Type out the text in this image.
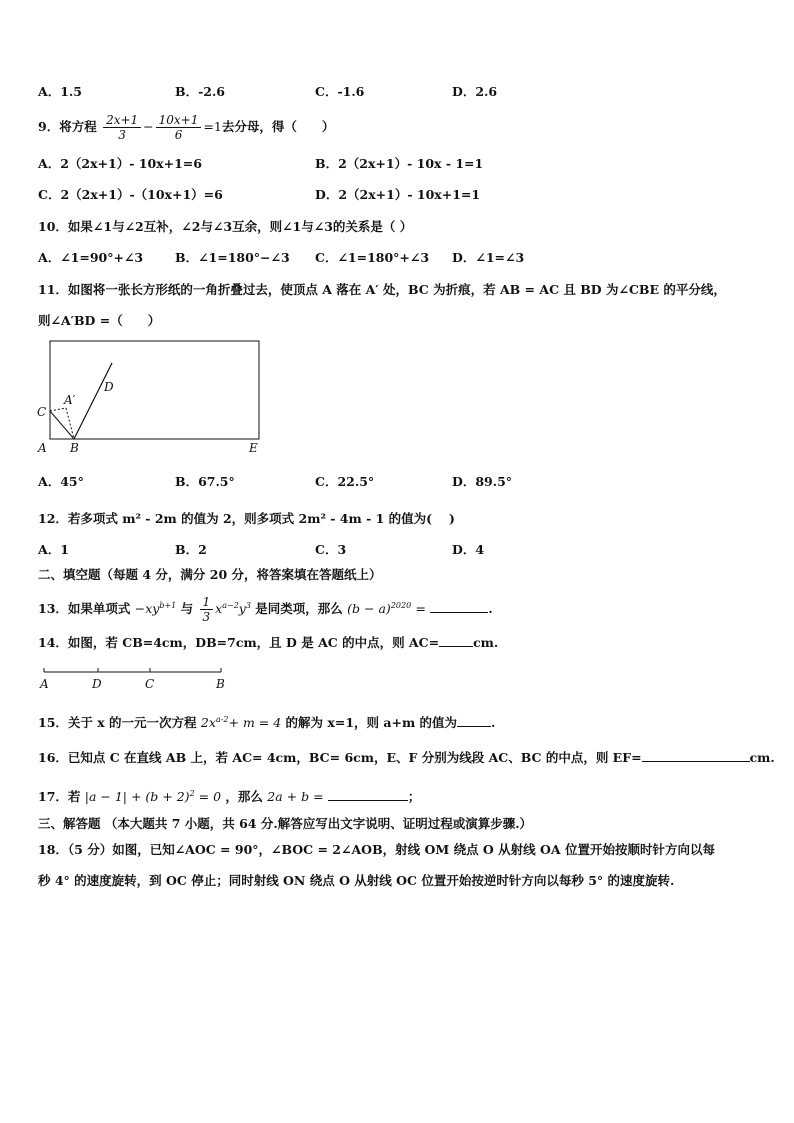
A．1.5	B．-2.6	C．-1.6	D．2.6
9．将方程 $\frac{2x+1}{3} - \frac{10x+1}{6} =1$去分母，得（　　）
A．2（2x+1）- 10x+1=6	B．2（2x+1）- 10x - 1=1
C．2（2x+1）-（10x+1）=6	D．2（2x+1）- 10x+1=1
10．如果∠1与∠2互补，∠2与∠3互余，则∠1与∠3的关系是（ ）
A．∠1=90°+∠3	B．∠1=180°−∠3 C．∠1=180°+∠3 D．∠1=∠3
11．如图将一张长方形纸的一角折叠过去，使顶点 A 落在 A′ 处，BC 为折痕，若 AB = AC 且 BD 为∠CBE 的平分线，
则∠A′BD =（　　）
C
A′
D
A B	E
A．45°	B．67.5°	C．22.5°	D．89.5°
12．若多项式 m² - 2m 的值为 2，则多项式 2m² - 4m - 1 的值为(　 )
A．1	B．2	C．3	D．4
二、填空题（每题 4 分，满分 20 分，将答案填在答题纸上）
13．如果单项式 $-xy^{b+1}$ 与 $\frac{1}{3} x^{a-2}y^3$ 是同类项，那么 $(b - a)^{2020}$ =	.
14．如图，若 CB=4cm，DB=7cm，且 D 是 AC 的中点，则 AC=	cm.
A	D	C	B
15．关于 x 的一元一次方程 $2x^{a-2}+ m = 4$ 的解为 x=1，则 a+m 的值为	.
16．已知点 C 在直线 AB 上，若 AC= 4cm，BC= 6cm，E、F 分别为线段 AC、BC 的中点，则 EF=	cm.
17．若 $|a - 1| + (b + 2)^2 = 0$ ，那么 2a + b =	；
三、解答题 （本大题共 7 小题，共 64 分.解答应写出文字说明、证明过程或演算步骤.）
18．（5 分）如图，已知∠AOC = 90°，∠BOC = 2∠AOB，射线 OM 绕点 O 从射线 OA 位置开始按顺时针方向以每
秒 4° 的速度旋转，到 OC 停止；同时射线 ON 绕点 O 从射线 OC 位置开始按逆时针方向以每秒 5° 的速度旋转.
